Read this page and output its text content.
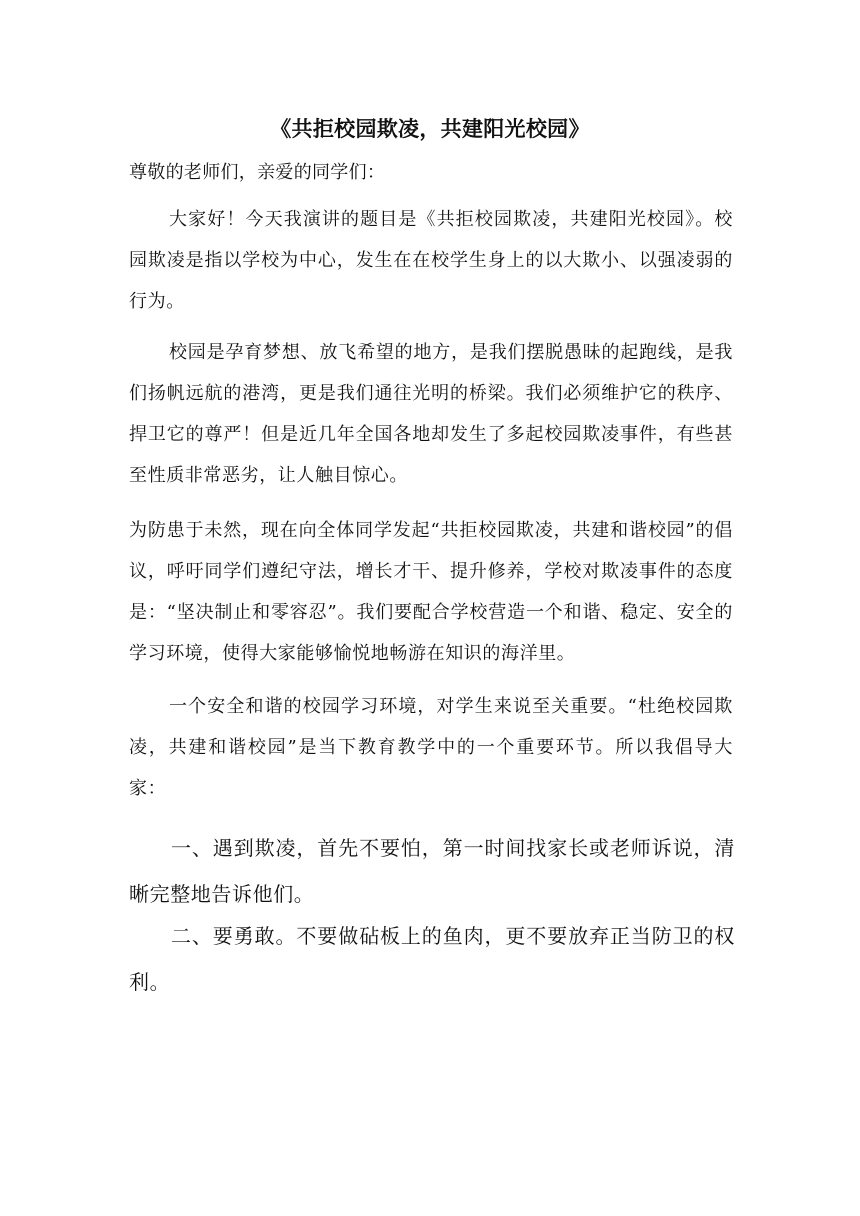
《共拒校园欺凌，共建阳光校园》

尊敬的老师们，亲爱的同学们：

大家好！今天我演讲的题目是《共拒校园欺凌，共建阳光校园》。校园欺凌是指以学校为中心，发生在在校学生身上的以大欺小、以强凌弱的行为。

校园是孕育梦想、放飞希望的地方，是我们摆脱愚昧的起跑线，是我们扬帆远航的港湾，更是我们通往光明的桥梁。我们必须维护它的秩序、捍卫它的尊严！但是近几年全国各地却发生了多起校园欺凌事件，有些甚至性质非常恶劣，让人触目惊心。

为防患于未然，现在向全体同学发起“共拒校园欺凌，共建和谐校园”的倡议，呼吁同学们遵纪守法，增长才干、提升修养，学校对欺凌事件的态度是：“坚决制止和零容忍”。我们要配合学校营造一个和谐、稳定、安全的学习环境，使得大家能够愉悦地畅游在知识的海洋里。

一个安全和谐的校园学习环境，对学生来说至关重要。“杜绝校园欺凌，共建和谐校园”是当下教育教学中的一个重要环节。所以我倡导大家：

一、遇到欺凌，首先不要怕，第一时间找家长或老师诉说，清晰完整地告诉他们。

二、要勇敢。不要做砧板上的鱼肉，更不要放弃正当防卫的权利。
